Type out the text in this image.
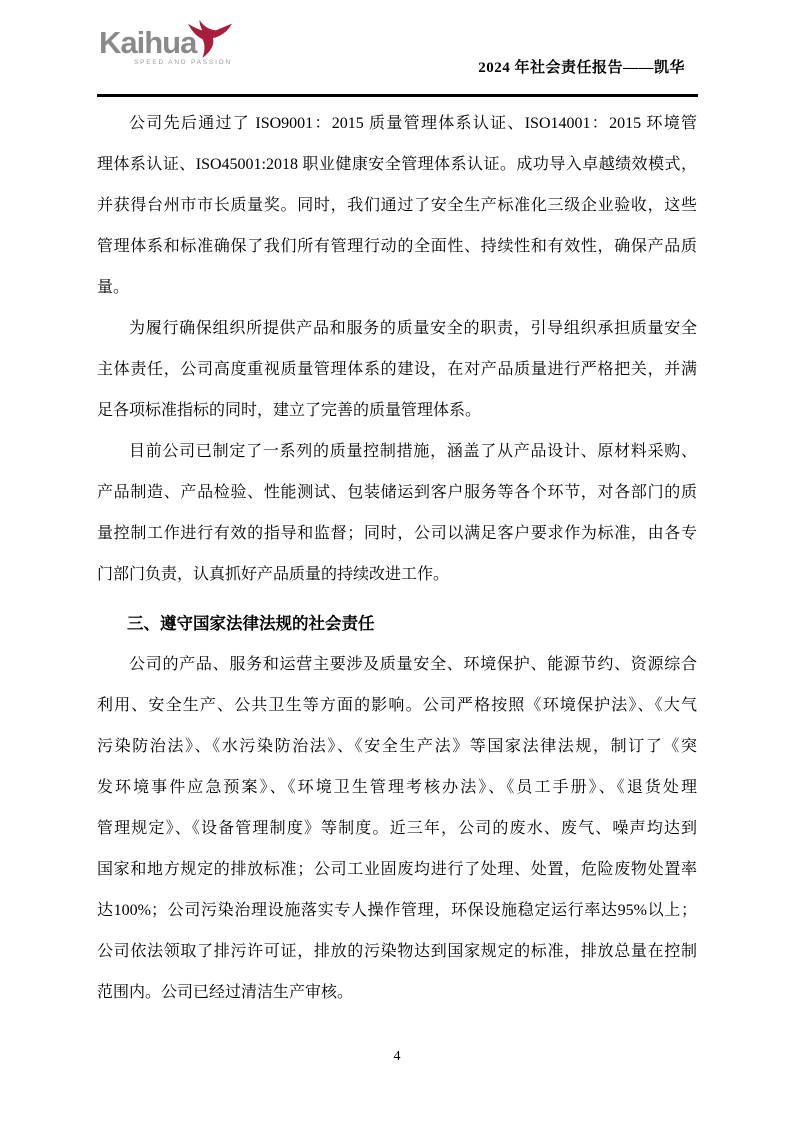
Kaihua
SPEED AND PASSION	2024 年社会责任报告——凯华
公司先后通过了 ISO9001：2015 质量管理体系认证、ISO14001：2015 环境管
理体系认证、ISO45001:2018 职业健康安全管理体系认证。成功导入卓越绩效模式，
并获得台州市市长质量奖。同时，我们通过了安全生产标准化三级企业验收，这些
管理体系和标准确保了我们所有管理行动的全面性、持续性和有效性，确保产品质
量。
为履行确保组织所提供产品和服务的质量安全的职责，引导组织承担质量安全
主体责任，公司高度重视质量管理体系的建设，在对产品质量进行严格把关，并满
足各项标准指标的同时，建立了完善的质量管理体系。
目前公司已制定了一系列的质量控制措施，涵盖了从产品设计、原材料采购、
产品制造、产品检验、性能测试、包装储运到客户服务等各个环节，对各部门的质
量控制工作进行有效的指导和监督；同时，公司以满足客户要求作为标准，由各专
门部门负责，认真抓好产品质量的持续改进工作。
三、遵守国家法律法规的社会责任
公司的产品、服务和运营主要涉及质量安全、环境保护、能源节约、资源综合
利用、安全生产、公共卫生等方面的影响。公司严格按照《环境保护法》、《大气
污染防治法》、《水污染防治法》、《安全生产法》等国家法律法规，制订了《突
发环境事件应急预案》、《环境卫生管理考核办法》、《员工手册》、《退货处理
管理规定》、《设备管理制度》等制度。近三年，公司的废水、废气、噪声均达到
国家和地方规定的排放标准；公司工业固废均进行了处理、处置，危险废物处置率
达100%；公司污染治理设施落实专人操作管理，环保设施稳定运行率达95%以上；
公司依法领取了排污许可证，排放的污染物达到国家规定的标准，排放总量在控制
范围内。公司已经过清洁生产审核。
4
